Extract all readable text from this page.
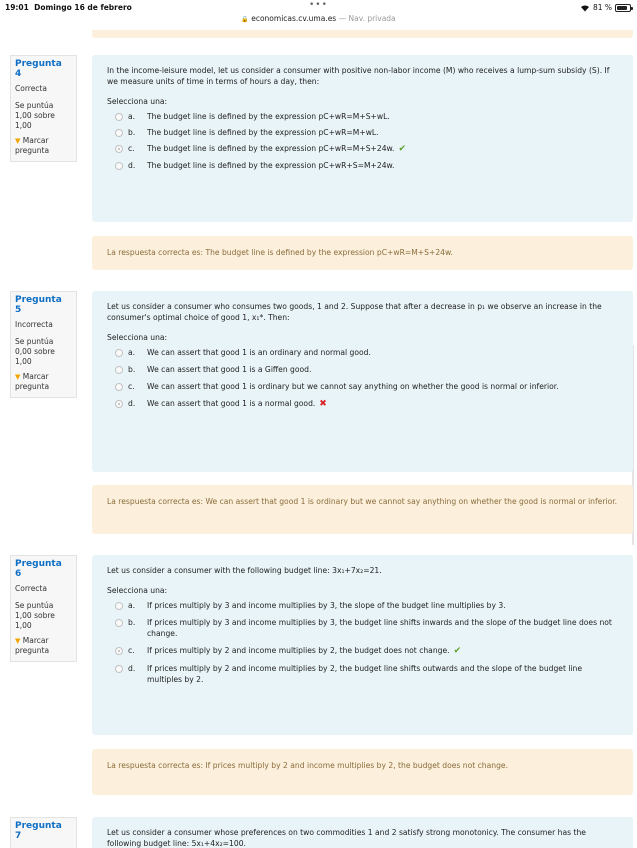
19:01 Domingo 16 de febrero	•••	81 %
🔒 economicas.cv.uma.es — Nav. privada
Pregunta
4
Correcta
Se puntúa 1,00 sobre 1,00
▼ Marcar pregunta
In the income-leisure model, let us consider a consumer with positive non-labor income (M) who receives a lump-sum subsidy (S). If we measure units of time in terms of hours a day, then:
Selecciona una:
a. The budget line is defined by the expression pC+wR=M+S+wL.
b. The budget line is defined by the expression pC+wR=M+wL.
c. The budget line is defined by the expression pC+wR=M+S+24w. ✔
d. The budget line is defined by the expression pC+wR+S=M+24w.
La respuesta correcta es: The budget line is defined by the expression pC+wR=M+S+24w.
Pregunta
5
Incorrecta
Se puntúa 0,00 sobre 1,00
▼ Marcar pregunta
Let us consider a consumer who consumes two goods, 1 and 2. Suppose that after a decrease in p₁ we observe an increase in the consumer's optimal choice of good 1, x₁*. Then:
Selecciona una:
a. We can assert that good 1 is an ordinary and normal good.
b. We can assert that good 1 is a Giffen good.
c. We can assert that good 1 is ordinary but we cannot say anything on whether the good is normal or inferior.
d. We can assert that good 1 is a normal good. ✖
La respuesta correcta es: We can assert that good 1 is ordinary but we cannot say anything on whether the good is normal or inferior.
Pregunta
6
Correcta
Se puntúa 1,00 sobre 1,00
▼ Marcar pregunta
Let us consider a consumer with the following budget line: 3x₁+7x₂=21.
Selecciona una:
a. If prices multiply by 3 and income multiplies by 3, the slope of the budget line multiplies by 3.
b. If prices multiply by 3 and income multiplies by 3, the budget line shifts inwards and the slope of the budget line does not change.
c. If prices multiply by 2 and income multiplies by 2, the budget does not change. ✔
d. If prices multiply by 2 and income multiplies by 2, the budget line shifts outwards and the slope of the budget line multiples by 2.
La respuesta correcta es: If prices multiply by 2 and income multiplies by 2, the budget does not change.
Pregunta
7	Let us consider a consumer whose preferences on two commodities 1 and 2 satisfy strong monotonicy. The consumer has the following budget line: 5x₁+4x₂=100.
